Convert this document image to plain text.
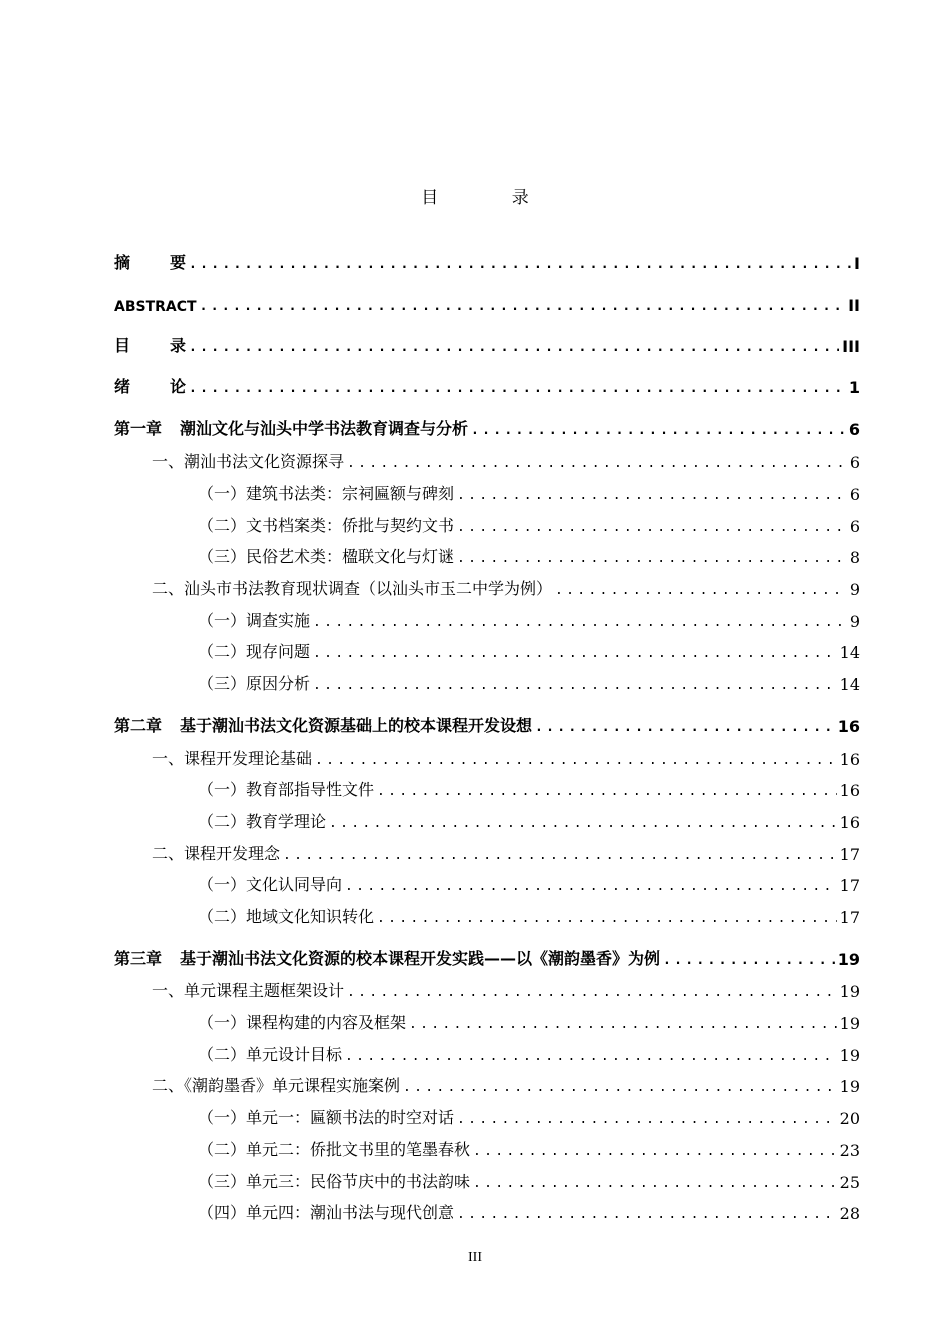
目 录
摘要 .....	I
ABSTRACT .....	II
目录 .....	III
绪论 .....	1
第一章 潮汕文化与汕头中学书法教育调查与分析 .....	6
一、潮汕书法文化资源探寻 .....	6
（一）建筑书法类：宗祠匾额与碑刻 .....	6
（二）文书档案类：侨批与契约文书 .....	6
（三）民俗艺术类：楹联文化与灯谜 .....	8
二、汕头市书法教育现状调查（以汕头市玉二中学为例） .....	9
（一）调查实施 .....	9
（二）现存问题 .....	14
（三）原因分析 .....	14
第二章 基于潮汕书法文化资源基础上的校本课程开发设想 .....	16
一、课程开发理论基础 .....	16
（一）教育部指导性文件 .....	16
（二）教育学理论 .....	16
二、课程开发理念 .....	17
（一）文化认同导向 .....	17
（二）地域文化知识转化 .....	17
第三章 基于潮汕书法文化资源的校本课程开发实践——以《潮韵墨香》为例 .....	19
一、单元课程主题框架设计 .....	19
（一）课程构建的内容及框架 .....	19
（二）单元设计目标 .....	19
二、《潮韵墨香》单元课程实施案例 .....	19
（一）单元一：匾额书法的时空对话 .....	20
（二）单元二：侨批文书里的笔墨春秋 .....	23
（三）单元三：民俗节庆中的书法韵味 .....	25
（四）单元四：潮汕书法与现代创意 .....	28
III
